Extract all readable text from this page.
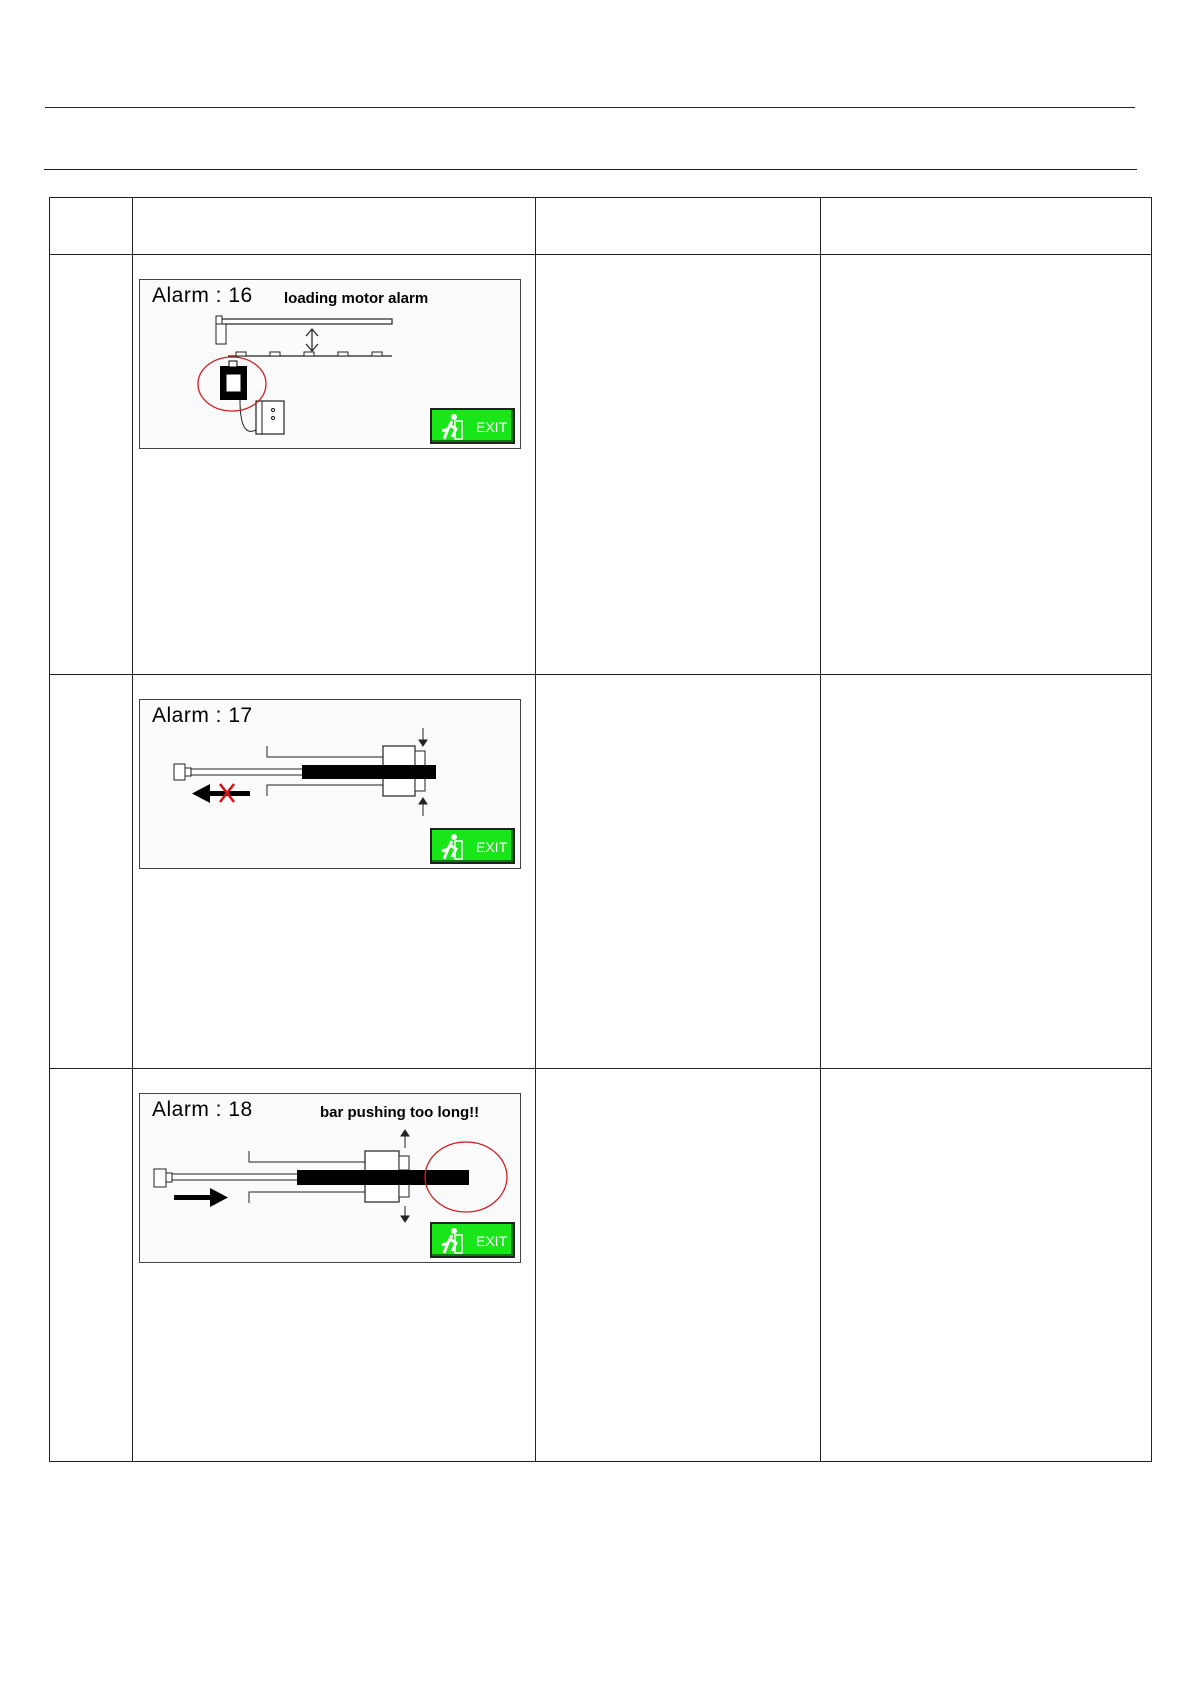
	Alarm : 16 loading motor alarm
EXIT		

	Alarm : 17
EXIT		

	Alarm : 18 bar pushing too long!!
EXIT		
